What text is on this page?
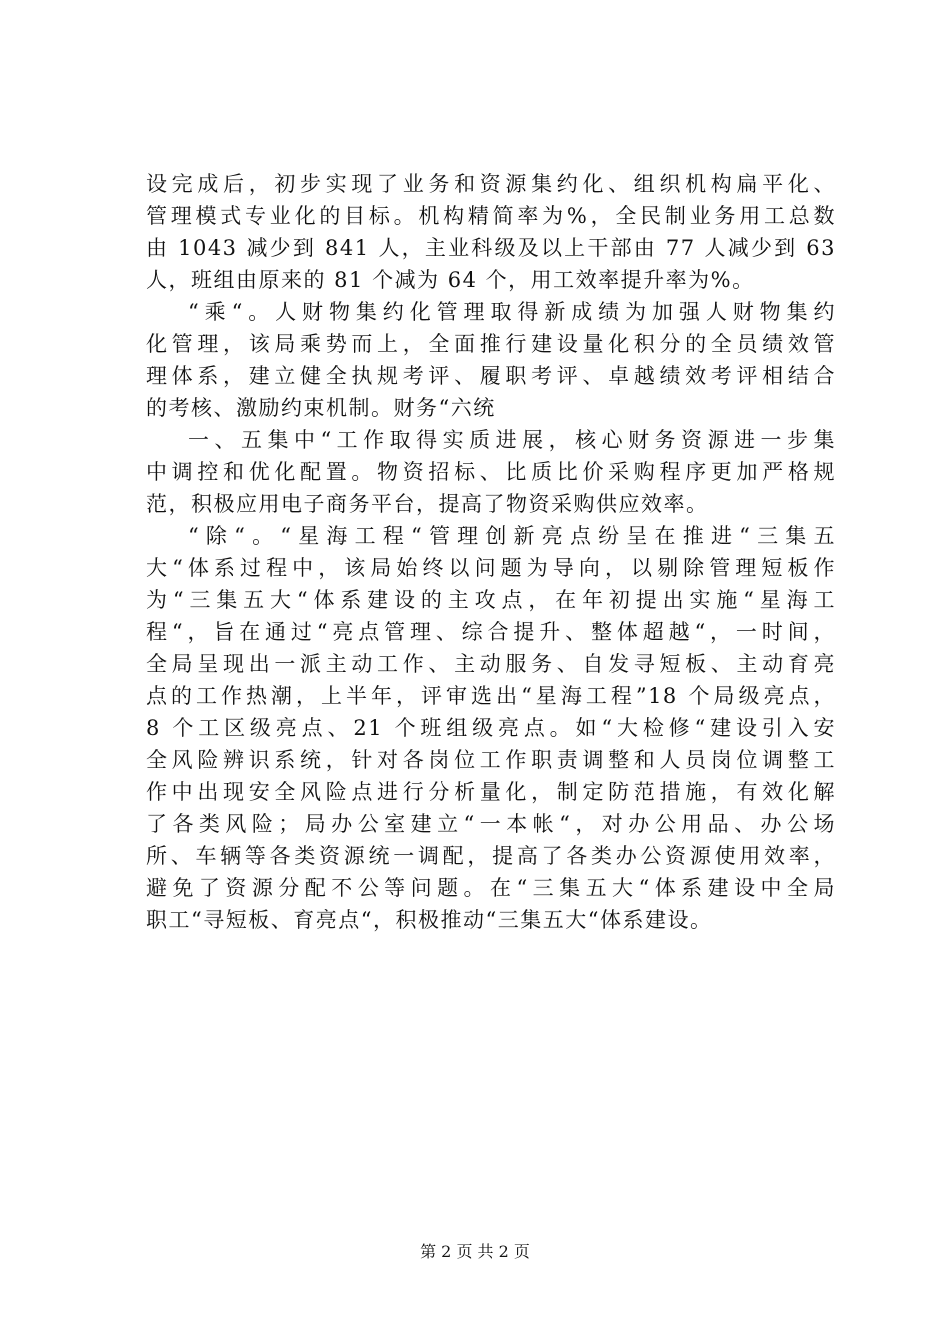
设完成后，初步实现了业务和资源集约化、组织机构扁平化、
管理模式专业化的目标。机构精简率为%，全民制业务用工总数
由 1043 减少到 841 人，主业科级及以上干部由 77 人减少到 63
人，班组由原来的 81 个减为 64 个，用工效率提升率为%。
“乘“。人财物集约化管理取得新成绩为加强人财物集约
化管理，该局乘势而上，全面推行建设量化积分的全员绩效管
理体系，建立健全执规考评、履职考评、卓越绩效考评相结合
的考核、激励约束机制。财务“六统
一、五集中“工作取得实质进展，核心财务资源进一步集
中调控和优化配置。物资招标、比质比价采购程序更加严格规
范，积极应用电子商务平台，提高了物资采购供应效率。
“除“。“星海工程“管理创新亮点纷呈在推进“三集五
大“体系过程中，该局始终以问题为导向，以剔除管理短板作
为“三集五大“体系建设的主攻点，在年初提出实施“星海工
程“，旨在通过“亮点管理、综合提升、整体超越“，一时间，
全局呈现出一派主动工作、主动服务、自发寻短板、主动育亮
点的工作热潮，上半年，评审选出“星海工程”18 个局级亮点，
8 个工区级亮点、21 个班组级亮点。如“大检修“建设引入安
全风险辨识系统，针对各岗位工作职责调整和人员岗位调整工
作中出现安全风险点进行分析量化，制定防范措施，有效化解
了各类风险；局办公室建立“一本帐“，对办公用品、办公场
所、车辆等各类资源统一调配，提高了各类办公资源使用效率，
避免了资源分配不公等问题。在“三集五大“体系建设中全局
职工“寻短板、育亮点“，积极推动“三集五大“体系建设。
第 2 页 共 2 页
